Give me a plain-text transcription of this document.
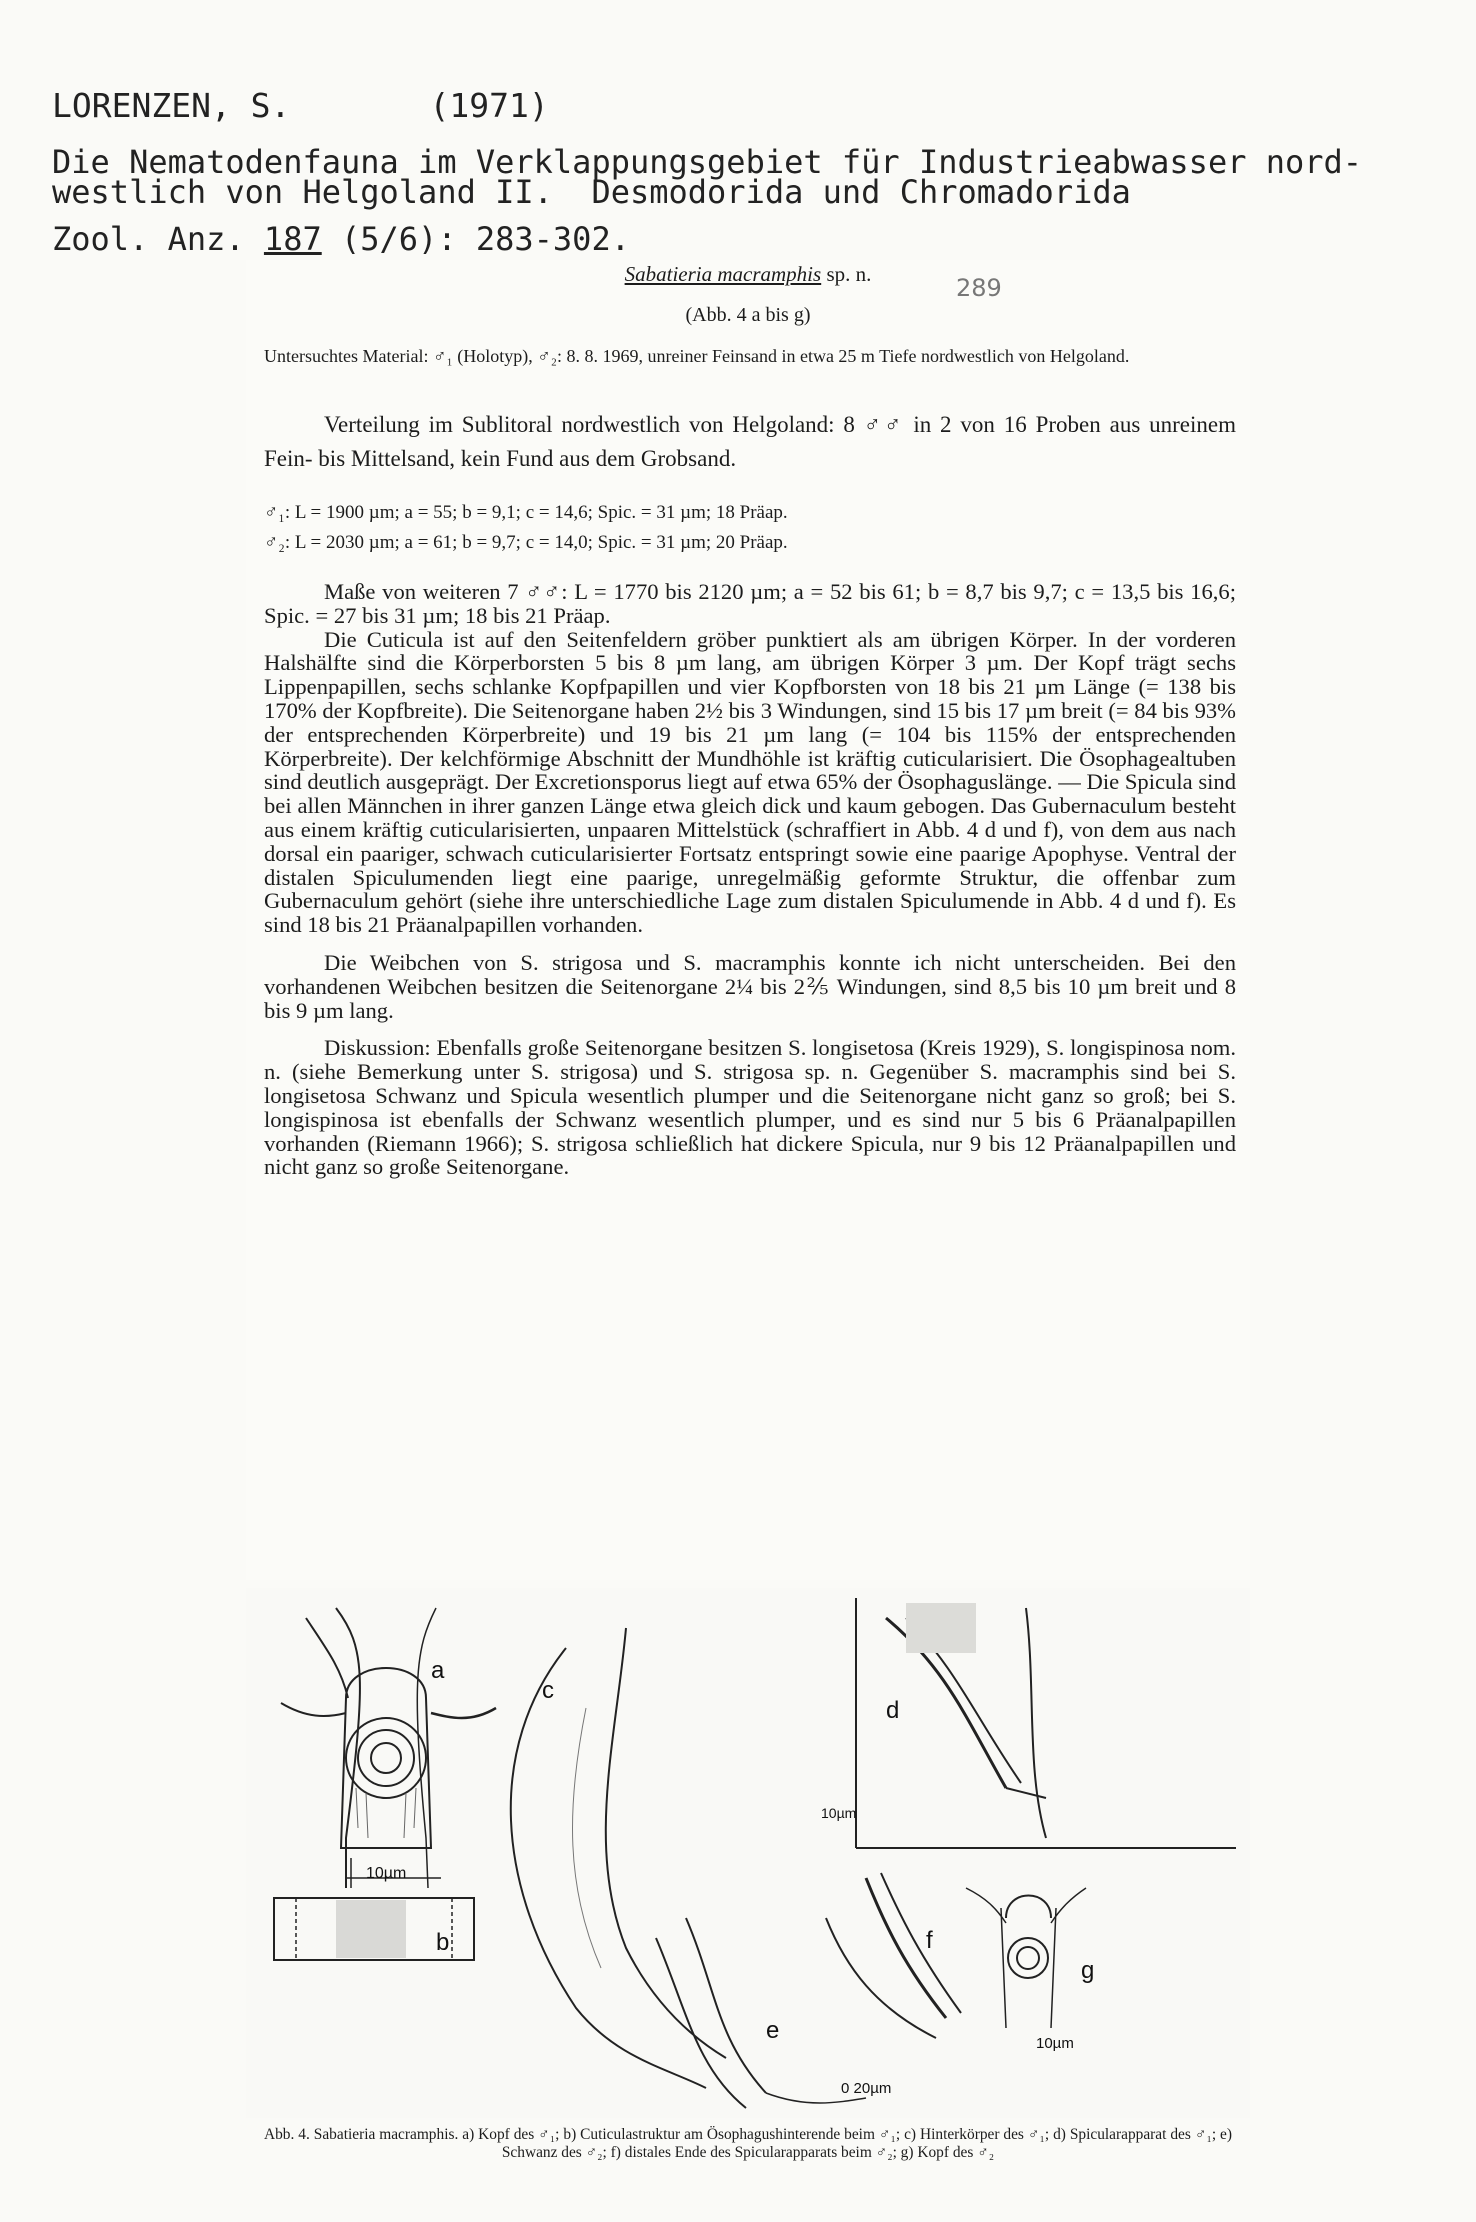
LORENZEN, S.	(1971)
Die Nematodenfauna im Verklappungsgebiet für Industrieabwasser nord-
westlich von Helgoland II.  Desmodorida und Chromadorida
Zool. Anz. 187 (5/6): 283-302.
Sabatieria macramphis sp. n.	289
(Abb. 4 a bis g)
Untersuchtes Material: ♂₁ (Holotyp), ♂₂: 8. 8. 1969, unreiner Feinsand in etwa 25 m Tiefe nordwestlich von Helgoland.
Verteilung im Sublitoral nordwestlich von Helgoland: 8 ♂♂ in 2 von 16 Proben aus unreinem Fein- bis Mittelsand, kein Fund aus dem Grobsand.
♂₁: L = 1900 µm; a = 55; b = 9,1; c = 14,6; Spic. = 31 µm; 18 Präap.
♂₂: L = 2030 µm; a = 61; b = 9,7; c = 14,0; Spic. = 31 µm; 20 Präap.

Maße von weiteren 7 ♂♂: L = 1770 bis 2120 µm; a = 52 bis 61; b = 8,7 bis 9,7; c = 13,5 bis 16,6; Spic. = 27 bis 31 µm; 18 bis 21 Präap.

Die Cuticula ist auf den Seitenfeldern gröber punktiert als am übrigen Körper. In der vorderen Halshälfte sind die Körperborsten 5 bis 8 µm lang, am übrigen Körper 3 µm. Der Kopf trägt sechs Lippenpapillen, sechs schlanke Kopfpapillen und vier Kopfborsten von 18 bis 21 µm Länge (= 138 bis 170% der Kopfbreite). Die Seitenorgane haben 2½ bis 3 Windungen, sind 15 bis 17 µm breit (= 84 bis 93% der entsprechenden Körperbreite) und 19 bis 21 µm lang (= 104 bis 115% der entsprechenden Körperbreite). Der kelchförmige Abschnitt der Mundhöhle ist kräftig cuticularisiert. Die Ösophagealtuben sind deutlich ausgeprägt. Der Excretionsporus liegt auf etwa 65% der Ösophaguslänge. — Die Spicula sind bei allen Männchen in ihrer ganzen Länge etwa gleich dick und kaum gebogen. Das Gubernaculum besteht aus einem kräftig cuticularisierten, unpaaren Mittelstück (schraffiert in Abb. 4 d und f), von dem aus nach dorsal ein paariger, schwach cuticularisierter Fortsatz entspringt sowie eine paarige Apophyse. Ventral der distalen Spiculumenden liegt eine paarige, unregelmäßig geformte Struktur, die offenbar zum Gubernaculum gehört (siehe ihre unterschiedliche Lage zum distalen Spiculumende in Abb. 4 d und f). Es sind 18 bis 21 Präanalpapillen vorhanden.

Die Weibchen von S. strigosa und S. macramphis konnte ich nicht unterscheiden. Bei den vorhandenen Weibchen besitzen die Seitenorgane 2¼ bis 2⅖ Windungen, sind 8,5 bis 10 µm breit und 8 bis 9 µm lang.

Diskussion: Ebenfalls große Seitenorgane besitzen S. longisetosa (Kreis 1929), S. longispinosa nom. n. (siehe Bemerkung unter S. strigosa) und S. strigosa sp. n. Gegenüber S. macramphis sind bei S. longisetosa Schwanz und Spicula wesentlich plumper und die Seitenorgane nicht ganz so groß; bei S. longispinosa ist ebenfalls der Schwanz wesentlich plumper, und es sind nur 5 bis 6 Präanalpapillen vorhanden (Riemann 1966); S. strigosa schließlich hat dickere Spicula, nur 9 bis 12 Präanalpapillen und nicht ganz so große Seitenorgane.

a
10µm
b
c
d
10µm
e
0 20µm
f
g
10µm
Abb. 4. Sabatieria macramphis. a) Kopf des ♂₁; b) Cuticulastruktur am Ösophagushinterende beim ♂₁; c) Hinterkörper des ♂₁; d) Spicularapparat des ♂₁; e) Schwanz des ♂₂; f) distales Ende des Spicularapparats beim ♂₂; g) Kopf des ♂₂
